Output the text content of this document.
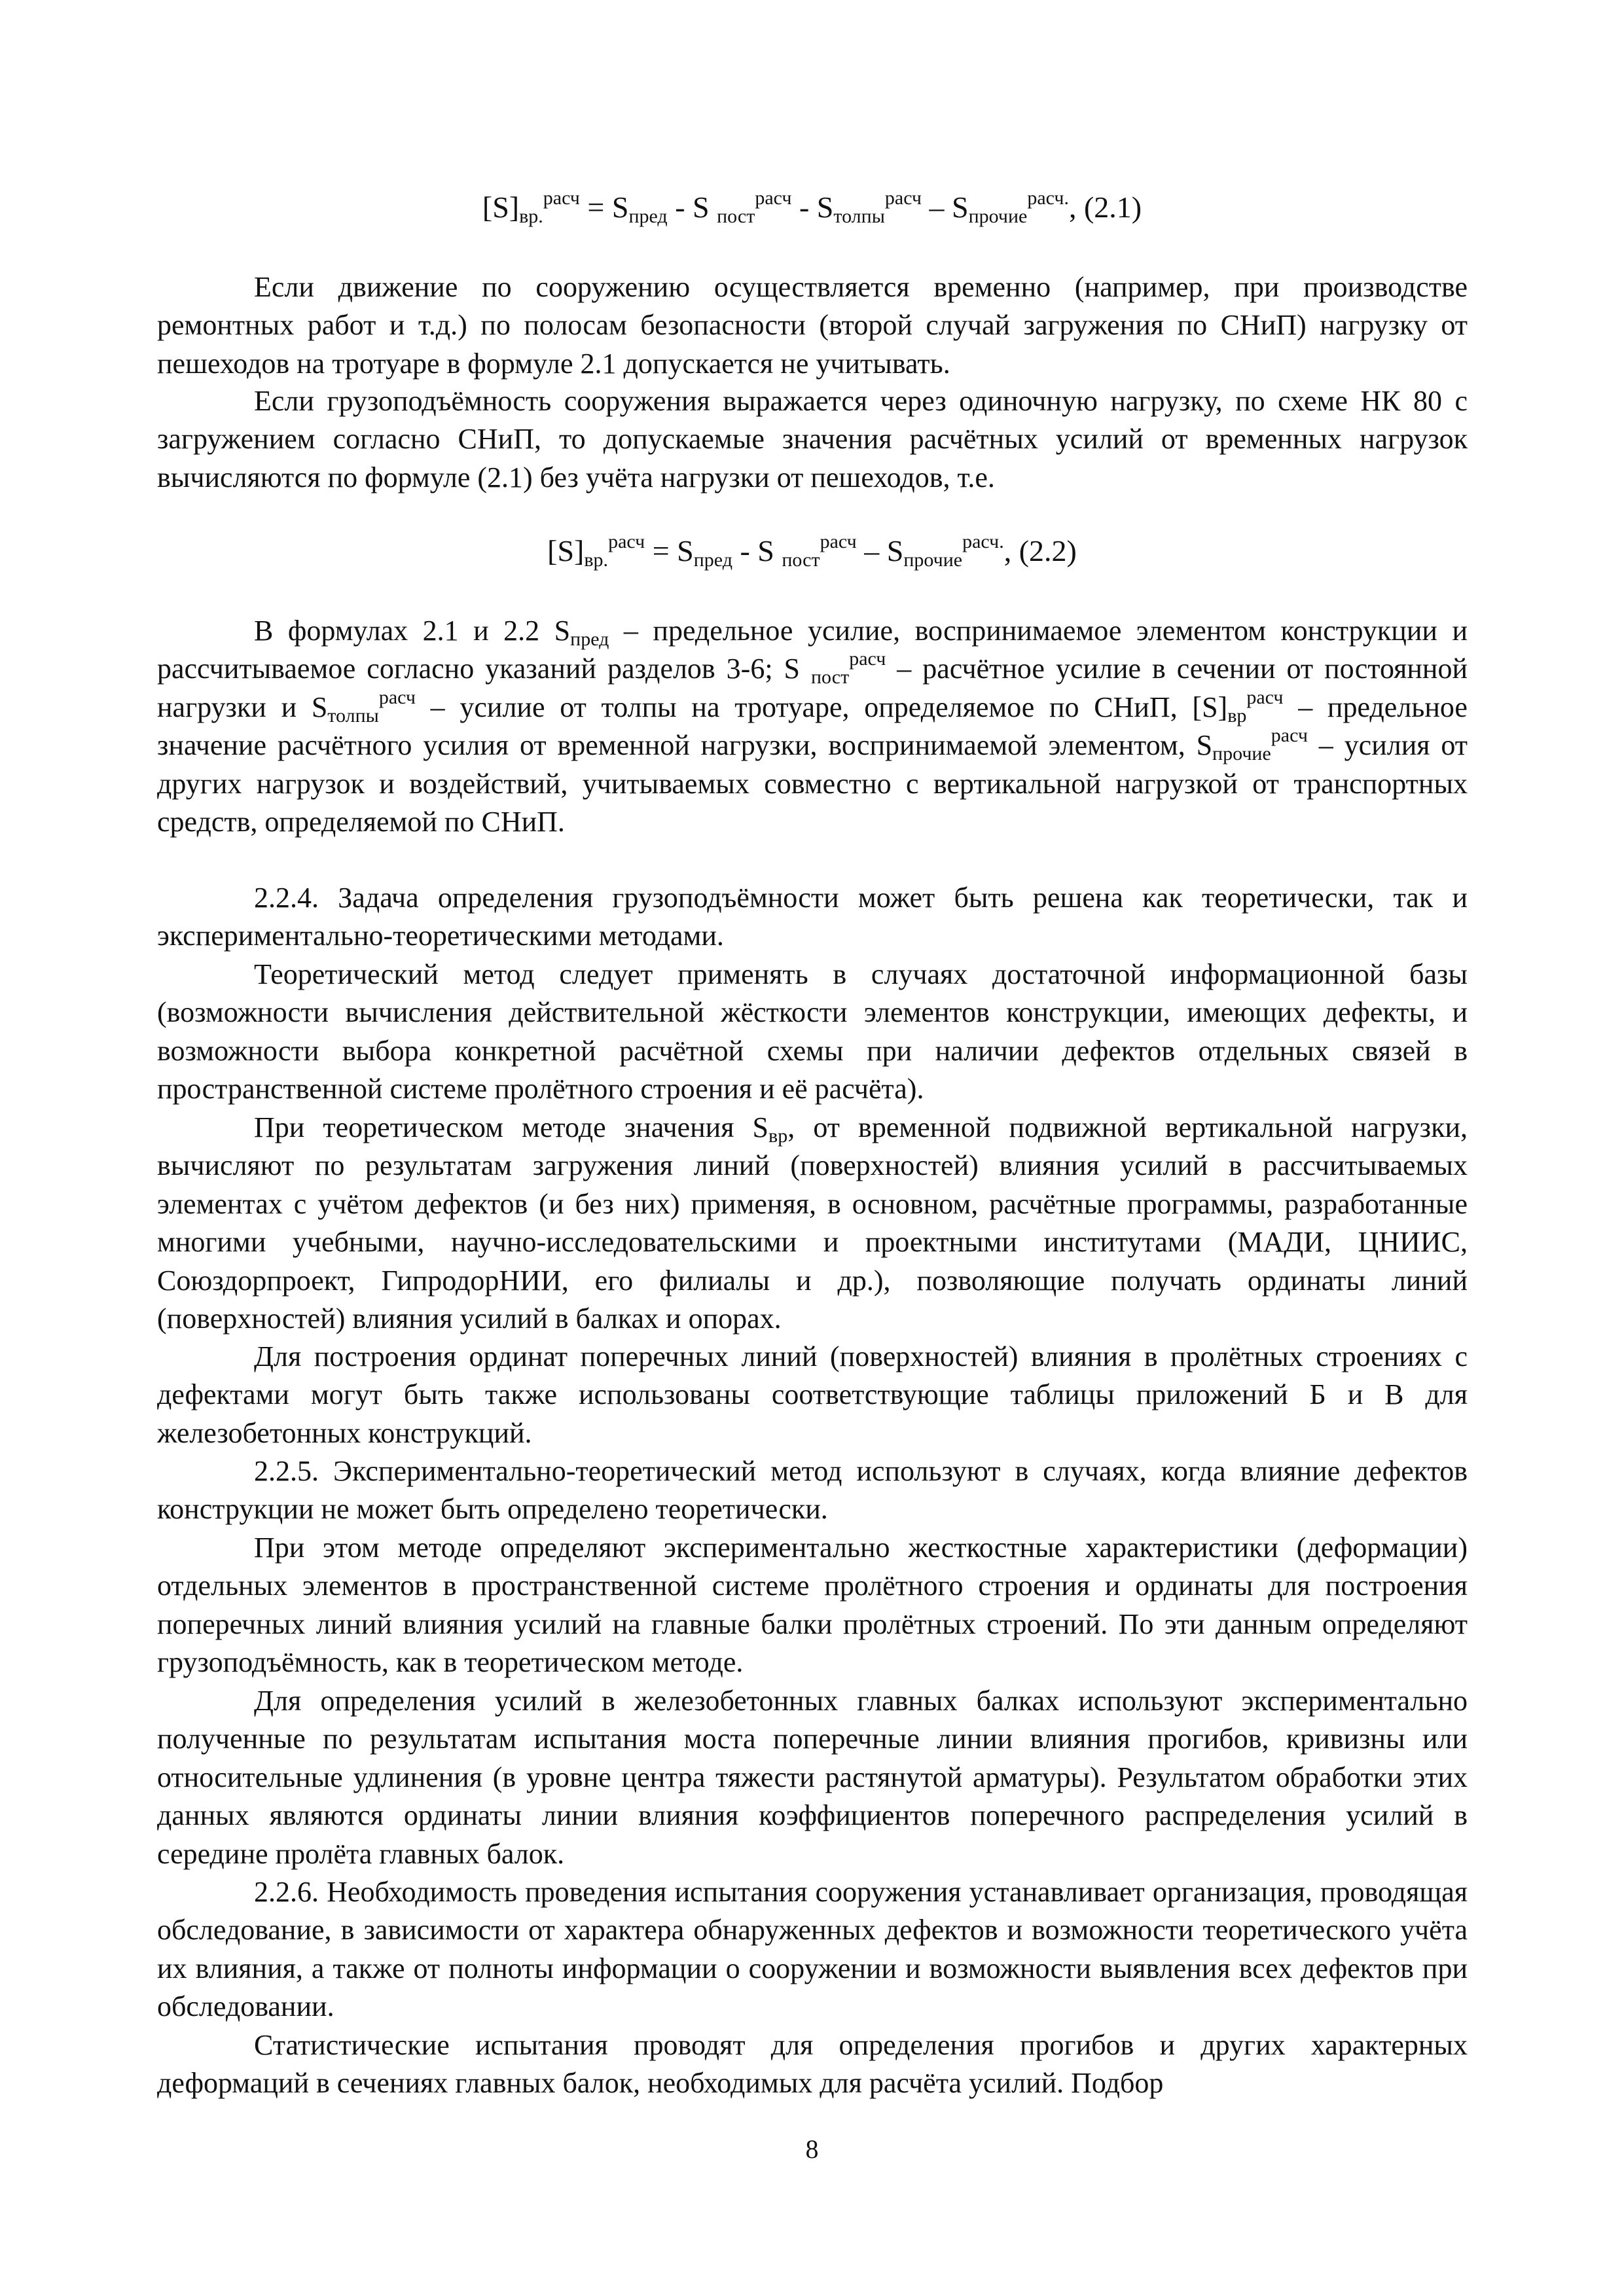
$[S]_{вр.}^{расч} = S_{пред} - S$ $_{пост}^{расч} - S_{толпы}^{расч} - S_{прочие}^{расч.}$, (2.1)

Если движение по сооружению осуществляется временно (например, при производстве ремонтных работ и т.д.) по полосам безопасности (второй случай загружения по СНиП) нагрузку от пешеходов на тротуаре в формуле 2.1 допускается не учитывать.

Если грузоподъёмность сооружения выражается через одиночную нагрузку, по схеме НК 80 с загружением согласно СНиП, то допускаемые значения расчётных усилий от временных нагрузок вычисляются по формуле (2.1) без учёта нагрузки от пешеходов, т.е.

$[S]_{вр.}^{расч} = S_{пред} - S$ $_{пост}^{расч} - S_{прочие}^{расч.}$, (2.2)

В формулах 2.1 и 2.2 $S_{пред}$ – предельное усилие, воспринимаемое элементом конструкции и рассчитываемое согласно указаний разделов 3-6; S $_{пост}^{расч}$ – расчётное усилие в сечении от постоянной нагрузки и $S_{толпы}^{расч}$ – усилие от толпы на тротуаре, определяемое по СНиП, $[S]_{вр}^{расч}$ – предельное значение расчётного усилия от временной нагрузки, воспринимаемой элементом, $S_{прочие}^{расч}$ – усилия от других нагрузок и воздействий, учитываемых совместно с вертикальной нагрузкой от транспортных средств, определяемой по СНиП.

2.2.4. Задача определения грузоподъёмности может быть решена как теоретически, так и экспериментально-теоретическими методами.

Теоретический метод следует применять в случаях достаточной информационной базы (возможности вычисления действительной жёсткости элементов конструкции, имеющих дефекты, и возможности выбора конкретной расчётной схемы при наличии дефектов отдельных связей в пространственной системе пролётного строения и её расчёта).

При теоретическом методе значения $S_{вр}$, от временной подвижной вертикальной нагрузки, вычисляют по результатам загружения линий (поверхностей) влияния усилий в рассчитываемых элементах с учётом дефектов (и без них) применяя, в основном, расчётные программы, разработанные многими учебными, научно-исследовательскими и проектными институтами (МАДИ, ЦНИИС, Союздорпроект, ГипродорНИИ, его филиалы и др.), позволяющие получать ординаты линий (поверхностей) влияния усилий в балках и опорах.

Для построения ординат поперечных линий (поверхностей) влияния в пролётных строениях с дефектами могут быть также использованы соответствующие таблицы приложений Б и В для железобетонных конструкций.

2.2.5. Экспериментально-теоретический метод используют в случаях, когда влияние дефектов конструкции не может быть определено теоретически.

При этом методе определяют экспериментально жесткостные характеристики (деформации) отдельных элементов в пространственной системе пролётного строения и ординаты для построения поперечных линий влияния усилий на главные балки пролётных строений. По эти данным определяют грузоподъёмность, как в теоретическом методе.

Для определения усилий в железобетонных главных балках используют экспериментально полученные по результатам испытания моста поперечные линии влияния прогибов, кривизны или относительные удлинения (в уровне центра тяжести растянутой арматуры). Результатом обработки этих данных являются ординаты линии влияния коэффициентов поперечного распределения усилий в середине пролёта главных балок.

2.2.6. Необходимость проведения испытания сооружения устанавливает организация, проводящая обследование, в зависимости от характера обнаруженных дефектов и возможности теоретического учёта их влияния, а также от полноты информации о сооружении и возможности выявления всех дефектов при обследовании.

Статистические испытания проводят для определения прогибов и других характерных деформаций в сечениях главных балок, необходимых для расчёта усилий. Подбор

8
